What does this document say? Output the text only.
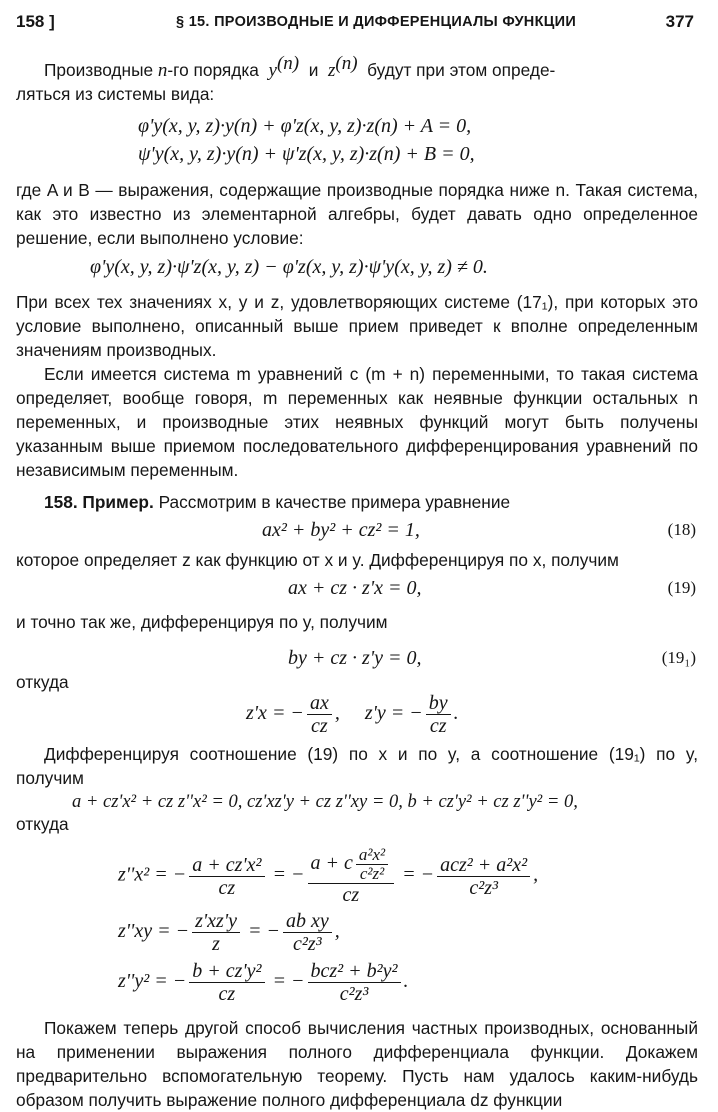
158 ]	§ 15. ПРОИЗВОДНЫЕ И ДИФФЕРЕНЦИАЛЫ ФУНКЦИИ	377
Производные n-го порядка $y^{(n)}$ и $z^{(n)}$ будут при этом опреде-
ляться из системы вида:
φ'y(x, y, z)·y(n) + φ'z(x, y, z)·z(n) + A = 0,
ψ'y(x, y, z)·y(n) + ψ'z(x, y, z)·z(n) + B = 0,

где A и B — выражения, содержащие производные порядка ниже n. Такая система, как это известно из элементарной алгебры, будет давать одно определенное решение, если выполнено условие:

φ'y(x, y, z)·ψ'z(x, y, z) − φ'z(x, y, z)·ψ'y(x, y, z) ≠ 0.

При всех тех значениях x, y и z, удовлетворяющих системе (17₁), при которых это условие выполнено, описанный выше прием приведет к вполне определенным значениям производных.

Если имеется система m уравнений с (m + n) переменными, то такая система определяет, вообще говоря, m переменных как неявные функции остальных n переменных, и производные этих неявных функций могут быть получены указанным выше приемом последовательного дифференцирования уравнений по независимым переменным.

158. Пример. Рассмотрим в качестве примера уравнение
ax² + by² + cz² = 1,	(18)

которое определяет z как функцию от x и y. Дифференцируя по x, получим

ax + cz · z'x = 0,	(19)

и точно так же, дифференцируя по y, получим

by + cz · z'y = 0,	(19₁)

откуда

z'x = − $\frac{ax}{cz}$ ,     z'y = − $\frac{by}{cz}$ .

Дифференцируя соотношение (19) по x и по y, а соотношение (19₁) по y, получим

a + cz'x² + cz z''x² = 0, cz'xz'y + cz z''xy = 0, b + cz'y² + cz z''y² = 0,

откуда

z''x² = − $\frac{\text{a + cz'x²}}{cz}$ = − $\frac{a + c \frac{\text{a²x²}}{\text{c²z²}}}{cz}$ = − $\frac{\text{acz² + a²x²}}{\text{c²z³}}$ ,
z''xy = − $\frac{z'xz'y}{z}$ = − $\frac{\text{ab xy}}{\text{c²z³}}$ ,
z''y² = − $\frac{\text{b + cz'y²}}{cz}$ = − $\frac{\text{bcz² + b²y²}}{\text{c²z³}}$ .

Покажем теперь другой способ вычисления частных производных, основанный на применении выражения полного дифференциала функции. Докажем предварительно вспомогательную теорему. Пусть нам удалось каким-нибудь образом получить выражение полного дифференциала dz функции
